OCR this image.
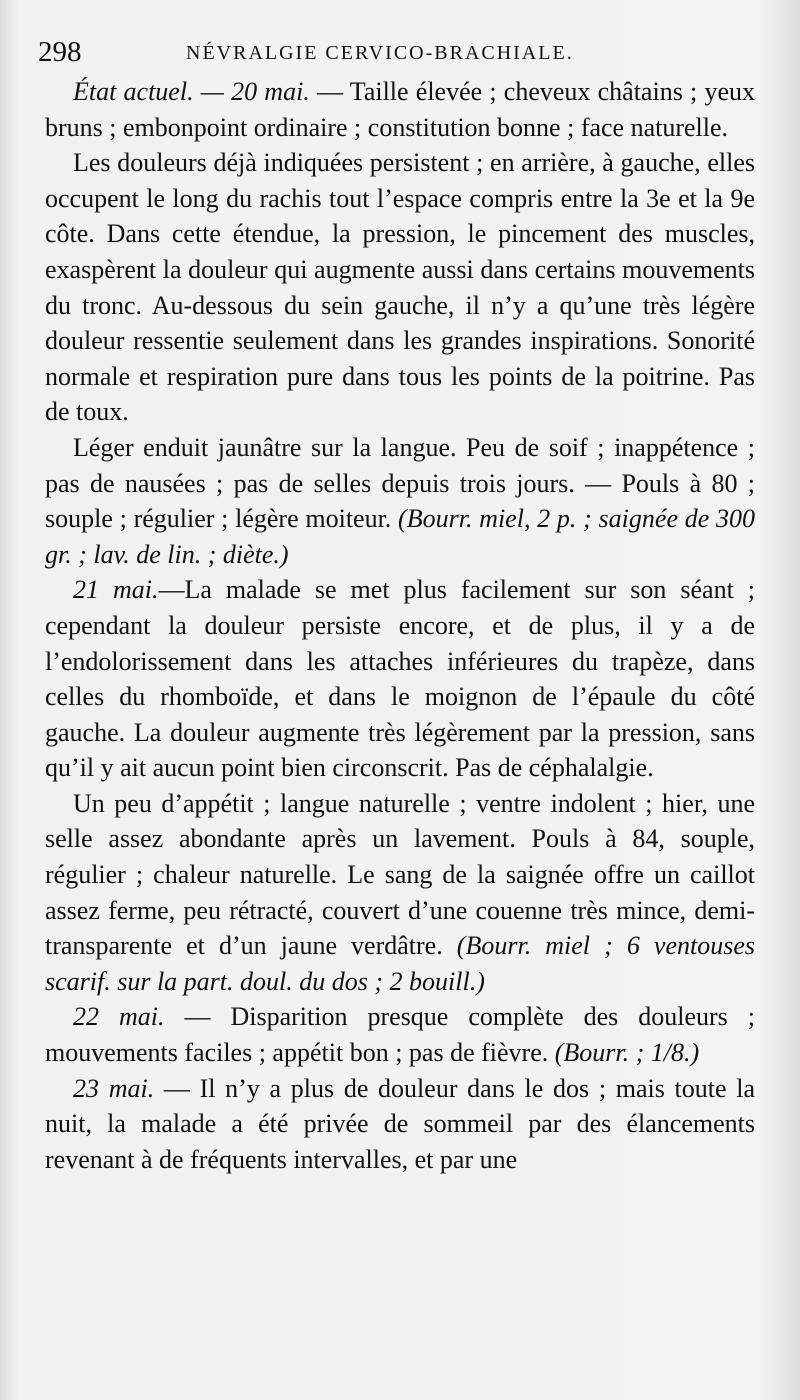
298	NÉVRALGIE CERVICO-BRACHIALE.

État actuel. — 20 mai. — Taille élevée ; cheveux châtains ; yeux bruns ; embonpoint ordinaire ; constitution bonne ; face naturelle.

Les douleurs déjà indiquées persistent ; en arrière, à gauche, elles occupent le long du rachis tout l’espace compris entre la 3e et la 9e côte. Dans cette étendue, la pression, le pincement des muscles, exaspèrent la douleur qui augmente aussi dans certains mouvements du tronc. Au-dessous du sein gauche, il n’y a qu’une très légère douleur ressentie seulement dans les grandes inspirations. Sonorité normale et respiration pure dans tous les points de la poitrine. Pas de toux.

Léger enduit jaunâtre sur la langue. Peu de soif ; inappétence ; pas de nausées ; pas de selles depuis trois jours. — Pouls à 80 ; souple ; régulier ; légère moiteur. (Bourr. miel, 2 p. ; saignée de 300 gr. ; lav. de lin. ; diète.)

21 mai.—La malade se met plus facilement sur son séant ; cependant la douleur persiste encore, et de plus, il y a de l’endolorissement dans les attaches inférieures du trapèze, dans celles du rhomboïde, et dans le moignon de l’épaule du côté gauche. La douleur augmente très légèrement par la pression, sans qu’il y ait aucun point bien circonscrit. Pas de céphalalgie.

Un peu d’appétit ; langue naturelle ; ventre indolent ; hier, une selle assez abondante après un lavement. Pouls à 84, souple, régulier ; chaleur naturelle. Le sang de la saignée offre un caillot assez ferme, peu rétracté, couvert d’une couenne très mince, demi-transparente et d’un jaune verdâtre. (Bourr. miel ; 6 ventouses scarif. sur la part. doul. du dos ; 2 bouill.)

22 mai. — Disparition presque complète des douleurs ; mouvements faciles ; appétit bon ; pas de fièvre. (Bourr. ; 1/8.)

23 mai. — Il n’y a plus de douleur dans le dos ; mais toute la nuit, la malade a été privée de sommeil par des élancements revenant à de fréquents intervalles, et par une
